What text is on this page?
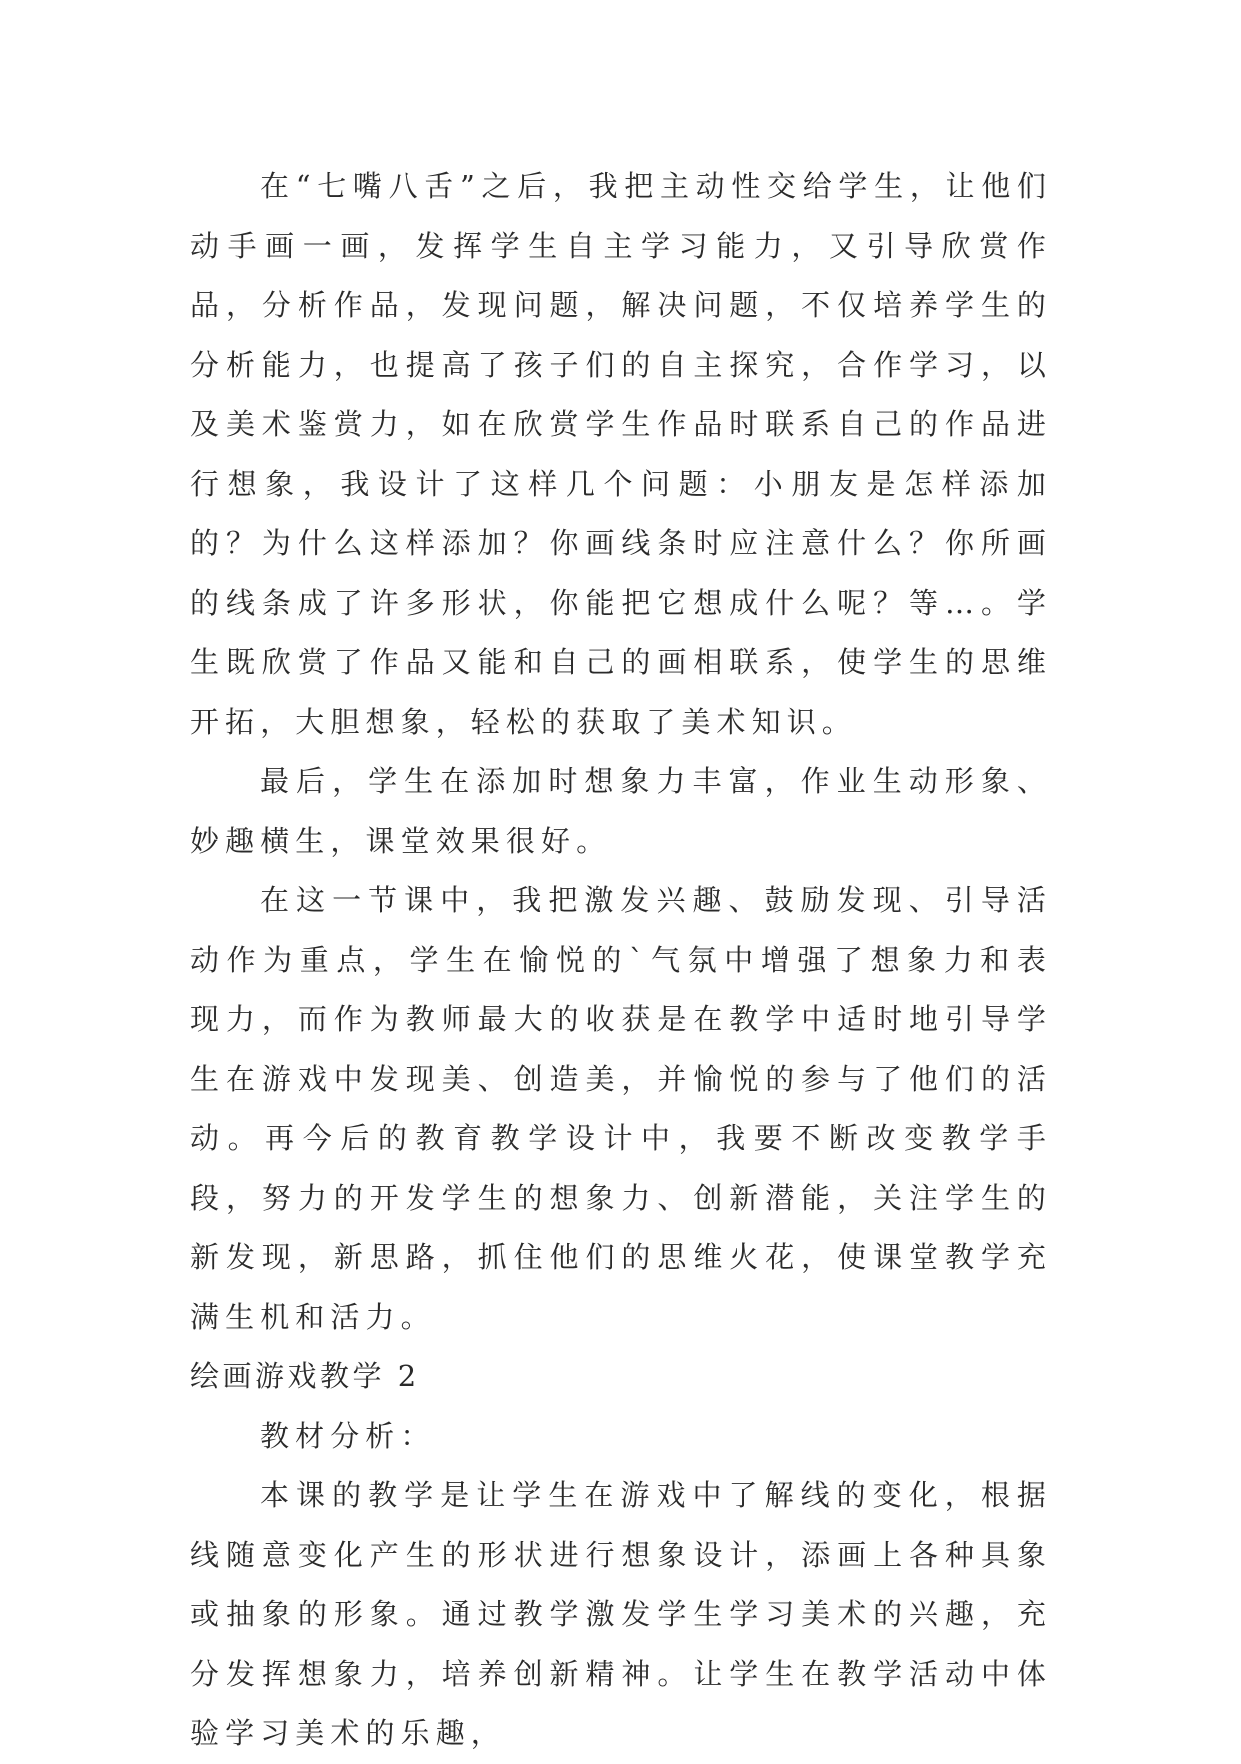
在“七嘴八舌”之后，我把主动性交给学生，让他们动手画一画，发挥学生自主学习能力，又引导欣赏作品，分析作品，发现问题，解决问题，不仅培养学生的分析能力，也提高了孩子们的自主探究，合作学习，以及美术鉴赏力，如在欣赏学生作品时联系自己的作品进行想象，我设计了这样几个问题：小朋友是怎样添加的？为什么这样添加？你画线条时应注意什么？你所画的线条成了许多形状，你能把它想成什么呢？等…。学生既欣赏了作品又能和自己的画相联系，使学生的思维开拓，大胆想象，轻松的获取了美术知识。

最后，学生在添加时想象力丰富，作业生动形象、妙趣横生，课堂效果很好。

在这一节课中，我把激发兴趣、鼓励发现、引导活动作为重点，学生在愉悦的`气氛中增强了想象力和表现力，而作为教师最大的收获是在教学中适时地引导学生在游戏中发现美、创造美，并愉悦的参与了他们的活动。再今后的教育教学设计中，我要不断改变教学手段，努力的开发学生的想象力、创新潜能，关注学生的新发现，新思路，抓住他们的思维火花，使课堂教学充满生机和活力。

绘画游戏教学 2

教材分析：

本课的教学是让学生在游戏中了解线的变化，根据线随意变化产生的形状进行想象设计，添画上各种具象或抽象的形象。通过教学激发学生学习美术的兴趣，充分发挥想象力，培养创新精神。让学生在教学活动中体验学习美术的乐趣，
